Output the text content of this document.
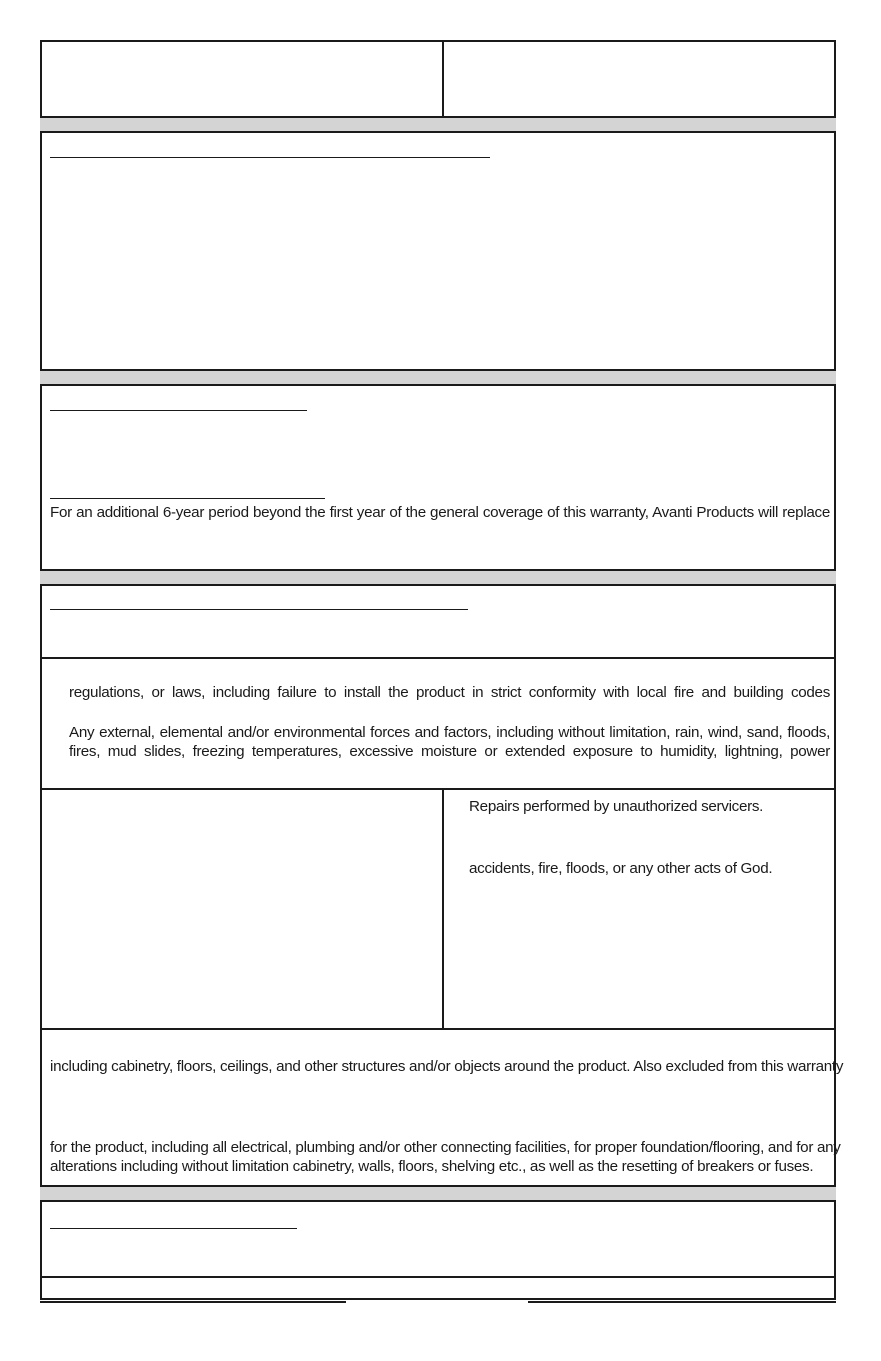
For an additional 6-year period beyond the first year of the general coverage of this warranty, Avanti Products will replace
regulations, or laws, including failure to install the product in strict conformity with local fire and building codes
Any external, elemental and/or environmental forces and factors, including without limitation, rain, wind, sand, floods,
fires, mud slides, freezing temperatures, excessive moisture or extended exposure to humidity, lightning, power
Repairs performed by unauthorized servicers.
accidents, fire, floods, or any other acts of God.
including cabinetry, floors, ceilings, and other structures and/or objects around the product. Also excluded from this warranty
for the product, including all electrical, plumbing and/or other connecting facilities, for proper foundation/flooring, and for any
alterations including without limitation cabinetry, walls, floors, shelving etc., as well as the resetting of breakers or fuses.
